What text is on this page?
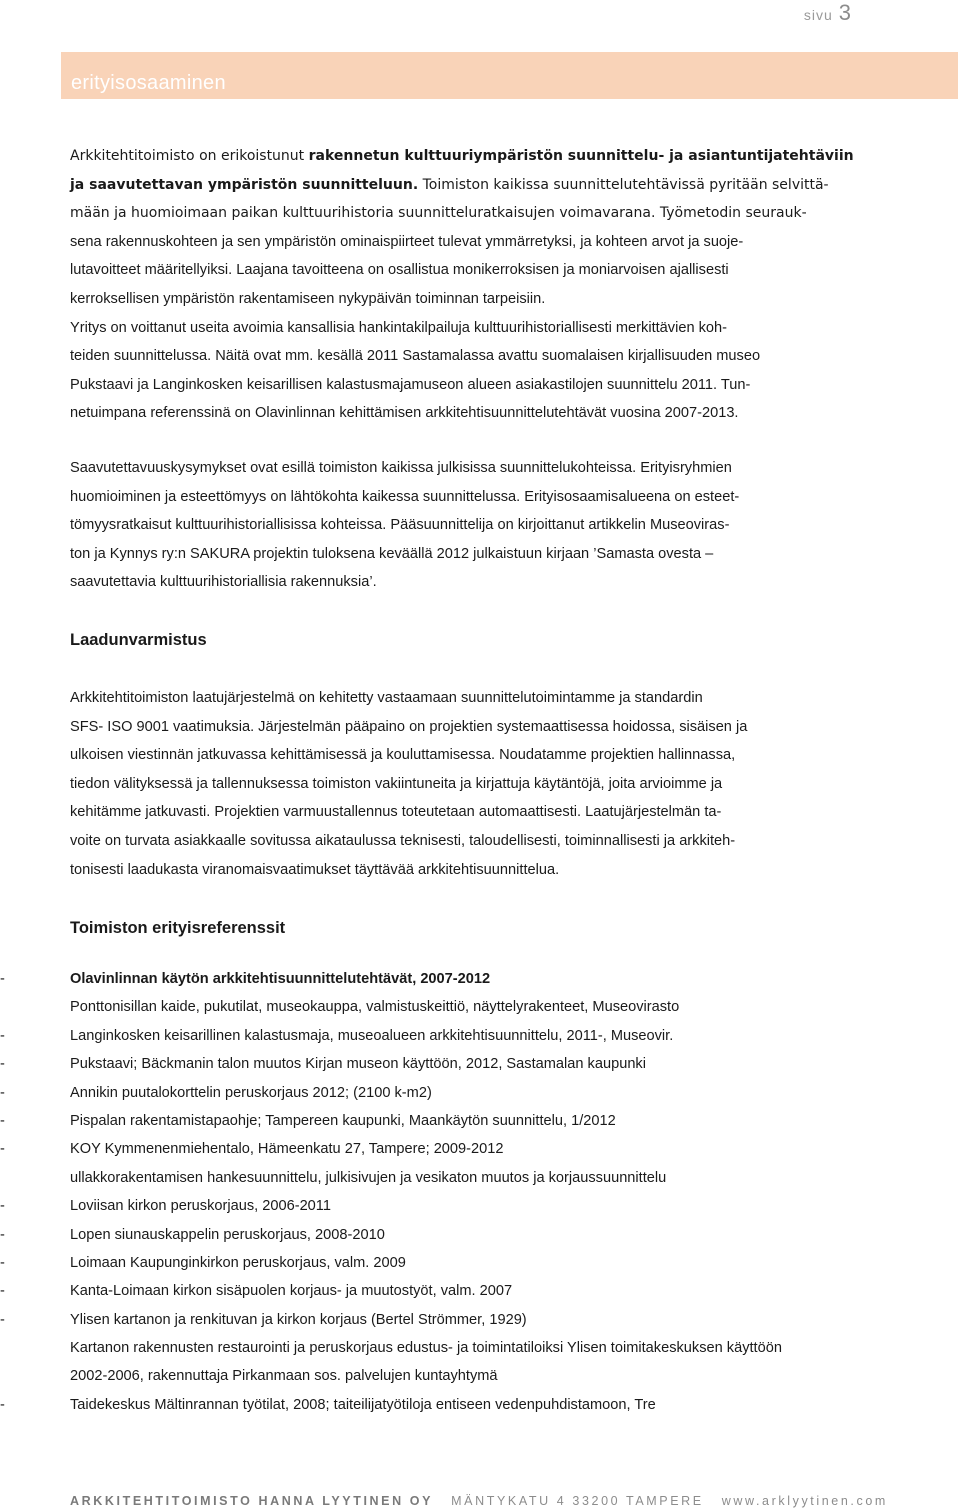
sivu 3
erityisosaaminen

Arkkitehtitoimisto on erikoistunut rakennetun kulttuuriympäristön suunnittelu- ja asiantuntijatehtäviin
ja saavutettavan ympäristön suunnitteluun. Toimiston kaikissa suunnittelutehtävissä pyritään selvittä-
mään ja huomioimaan paikan kulttuurihistoria suunnitteluratkaisujen voimavarana. Työmetodin seurauk-
sena rakennuskohteen ja sen ympäristön ominaispiirteet tulevat ymmärretyksi, ja kohteen arvot ja suoje-
lutavoitteet määritellyiksi. Laajana tavoitteena on osallistua monikerroksisen ja moniarvoisen ajallisesti
kerroksellisen ympäristön rakentamiseen nykypäivän toiminnan tarpeisiin.
Yritys on voittanut useita avoimia kansallisia hankintakilpailuja kulttuurihistoriallisesti merkittävien koh-
teiden suunnittelussa. Näitä ovat mm. kesällä 2011 Sastamalassa avattu suomalaisen kirjallisuuden museo
Pukstaavi ja Langinkosken keisarillisen kalastusmajamuseon alueen asiakastilojen suunnittelu 2011. Tun-
netuimpana referenssinä on Olavinlinnan kehittämisen arkkitehtisuunnittelutehtävät vuosina 2007-2013.

Saavutettavuuskysymykset ovat esillä toimiston kaikissa julkisissa suunnittelukohteissa. Erityisryhmien
huomioiminen ja esteettömyys on lähtökohta kaikessa suunnittelussa. Erityisosaamisalueena on esteet-
tömyysratkaisut kulttuurihistoriallisissa kohteissa. Pääsuunnittelija on kirjoittanut artikkelin Museoviras-
ton ja Kynnys ry:n SAKURA projektin tuloksena keväällä 2012 julkaistuun kirjaan ’Samasta ovesta –
saavutettavia kulttuurihistoriallisia rakennuksia’.

Laadunvarmistus

Arkkitehtitoimiston laatujärjestelmä on kehitetty vastaamaan suunnittelutoimintamme ja standardin
SFS- ISO 9001 vaatimuksia. Järjestelmän pääpaino on projektien systemaattisessa hoidossa, sisäisen ja
ulkoisen viestinnän jatkuvassa kehittämisessä ja kouluttamisessa. Noudatamme projektien hallinnassa,
tiedon välityksessä ja tallennuksessa toimiston vakiintuneita ja kirjattuja käytäntöjä, joita arvioimme ja
kehitämme jatkuvasti. Projektien varmuustallennus toteutetaan automaattisesti. Laatujärjestelmän ta-
voite on turvata asiakkaalle sovitussa aikataulussa teknisesti, taloudellisesti, toiminnallisesti ja arkkiteh-
tonisesti laadukasta viranomaisvaatimukset täyttävää arkkitehtisuunnittelua.

Toimiston erityisreferenssit
-	Olavinlinnan käytön arkkitehtisuunnittelutehtävät, 2007-2012
Ponttonisillan kaide, pukutilat, museokauppa, valmistuskeittiö, näyttelyrakenteet, Museovirasto
-	Langinkosken keisarillinen kalastusmaja, museoalueen arkkitehtisuunnittelu, 2011-, Museovir.
-	Pukstaavi; Bäckmanin talon muutos Kirjan museon käyttöön, 2012, Sastamalan kaupunki
-	Annikin puutalokorttelin peruskorjaus 2012; (2100 k-m2)
-	Pispalan rakentamistapaohje; Tampereen kaupunki, Maankäytön suunnittelu, 1/2012
-	KOY Kymmenenmiehentalo, Hämeenkatu 27, Tampere; 2009-2012
ullakkorakentamisen hankesuunnittelu, julkisivujen ja vesikaton muutos ja korjaussuunnittelu
-	Loviisan kirkon peruskorjaus, 2006-2011
-	Lopen siunauskappelin peruskorjaus, 2008-2010
-	Loimaan Kaupunginkirkon peruskorjaus, valm. 2009
-	Kanta-Loimaan kirkon sisäpuolen korjaus- ja muutostyöt, valm. 2007
-	Ylisen kartanon ja renkituvan ja kirkon korjaus (Bertel Strömmer, 1929)
Kartanon rakennusten restaurointi ja peruskorjaus edustus- ja toimintatiloiksi Ylisen toimitakeskuksen käyttöön
2002-2006, rakennuttaja Pirkanmaan sos. palvelujen kuntayhtymä
-	Taidekeskus Mältinrannan työtilat, 2008; taiteilijatyötiloja entiseen vedenpuhdistamoon, Tre
ARKKITEHTITOIMISTO HANNA LYYTINEN OY MÄNTYKATU 4 33200 TAMPERE www.arklyytinen.com
